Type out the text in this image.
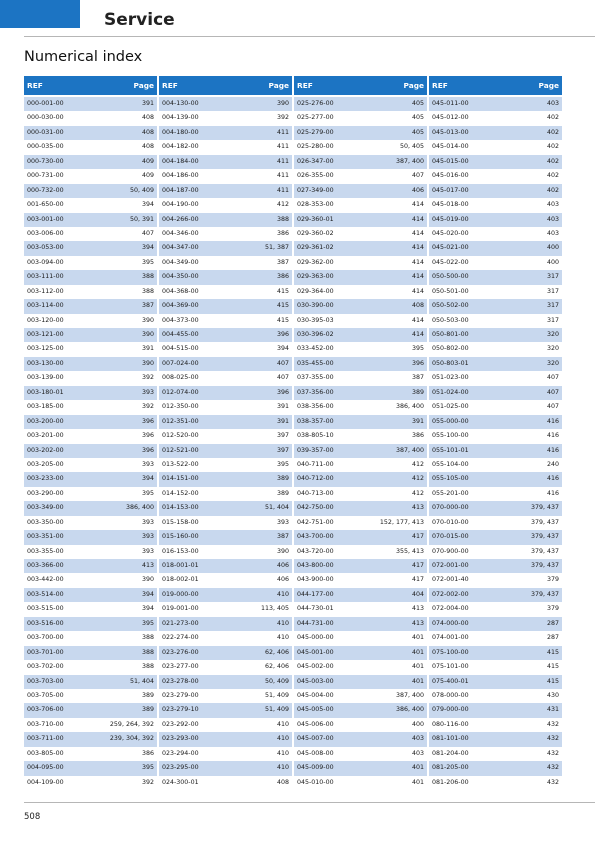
Service
Numerical index
REF	Page
000-001-00	391
000-030-00	408
000-031-00	408
000-035-00	408
000-730-00	409
000-731-00	409
000-732-00	50, 409
001-650-00	394
003-001-00	50, 391
003-006-00	407
003-053-00	394
003-094-00	395
003-111-00	388
003-112-00	388
003-114-00	387
003-120-00	390
003-121-00	390
003-125-00	391
003-130-00	390
003-139-00	392
003-180-01	393
003-185-00	392
003-200-00	396
003-201-00	396
003-202-00	396
003-205-00	393
003-233-00	394
003-290-00	395
003-349-00	386, 400
003-350-00	393
003-351-00	393
003-355-00	393
003-366-00	413
003-442-00	390
003-514-00	394
003-515-00	394
003-516-00	395
003-700-00	388
003-701-00	388
003-702-00	388
003-703-00	51, 404
003-705-00	389
003-706-00	389
003-710-00	259, 264, 392
003-711-00	239, 304, 392
003-805-00	386
004-095-00	395
004-109-00	392
REF	Page
004-130-00	390
004-139-00	392
004-180-00	411
004-182-00	411
004-184-00	411
004-186-00	411
004-187-00	411
004-190-00	412
004-266-00	388
004-346-00	386
004-347-00	51, 387
004-349-00	387
004-350-00	386
004-368-00	415
004-369-00	415
004-373-00	415
004-455-00	396
004-515-00	394
007-024-00	407
008-025-00	407
012-074-00	396
012-350-00	391
012-351-00	391
012-520-00	397
012-521-00	397
013-522-00	395
014-151-00	389
014-152-00	389
014-153-00	51, 404
015-158-00	393
015-160-00	387
016-153-00	390
018-001-01	406
018-002-01	406
019-000-00	410
019-001-00	113, 405
021-273-00	410
022-274-00	410
023-276-00	62, 406
023-277-00	62, 406
023-278-00	50, 409
023-279-00	51, 409
023-279-10	51, 409
023-292-00	410
023-293-00	410
023-294-00	410
023-295-00	410
024-300-01	408
REF	Page
025-276-00	405
025-277-00	405
025-279-00	405
025-280-00	50, 405
026-347-00	387, 400
026-355-00	407
027-349-00	406
028-353-00	414
029-360-01	414
029-360-02	414
029-361-02	414
029-362-00	414
029-363-00	414
029-364-00	414
030-390-00	408
030-395-03	414
030-396-02	414
033-452-00	395
035-455-00	396
037-355-00	387
037-356-00	389
038-356-00	386, 400
038-357-00	391
038-805-10	386
039-357-00	387, 400
040-711-00	412
040-712-00	412
040-713-00	412
042-750-00	413
042-751-00	152, 177, 413
043-700-00	417
043-720-00	355, 413
043-800-00	417
043-900-00	417
044-177-00	404
044-730-01	413
044-731-00	413
045-000-00	401
045-001-00	401
045-002-00	401
045-003-00	401
045-004-00	387, 400
045-005-00	386, 400
045-006-00	400
045-007-00	403
045-008-00	403
045-009-00	401
045-010-00	401
REF	Page
045-011-00	403
045-012-00	402
045-013-00	402
045-014-00	402
045-015-00	402
045-016-00	402
045-017-00	402
045-018-00	403
045-019-00	403
045-020-00	403
045-021-00	400
045-022-00	400
050-500-00	317
050-501-00	317
050-502-00	317
050-503-00	317
050-801-00	320
050-802-00	320
050-803-01	320
051-023-00	407
051-024-00	407
051-025-00	407
055-000-00	416
055-100-00	416
055-101-01	416
055-104-00	240
055-105-00	416
055-201-00	416
070-000-00	379, 437
070-010-00	379, 437
070-015-00	379, 437
070-900-00	379, 437
072-001-00	379, 437
072-001-40	379
072-002-00	379, 437
072-004-00	379
074-000-00	287
074-001-00	287
075-100-00	415
075-101-00	415
075-400-01	415
078-000-00	430
079-000-00	431
080-116-00	432
081-101-00	432
081-204-00	432
081-205-00	432
081-206-00	432
508
